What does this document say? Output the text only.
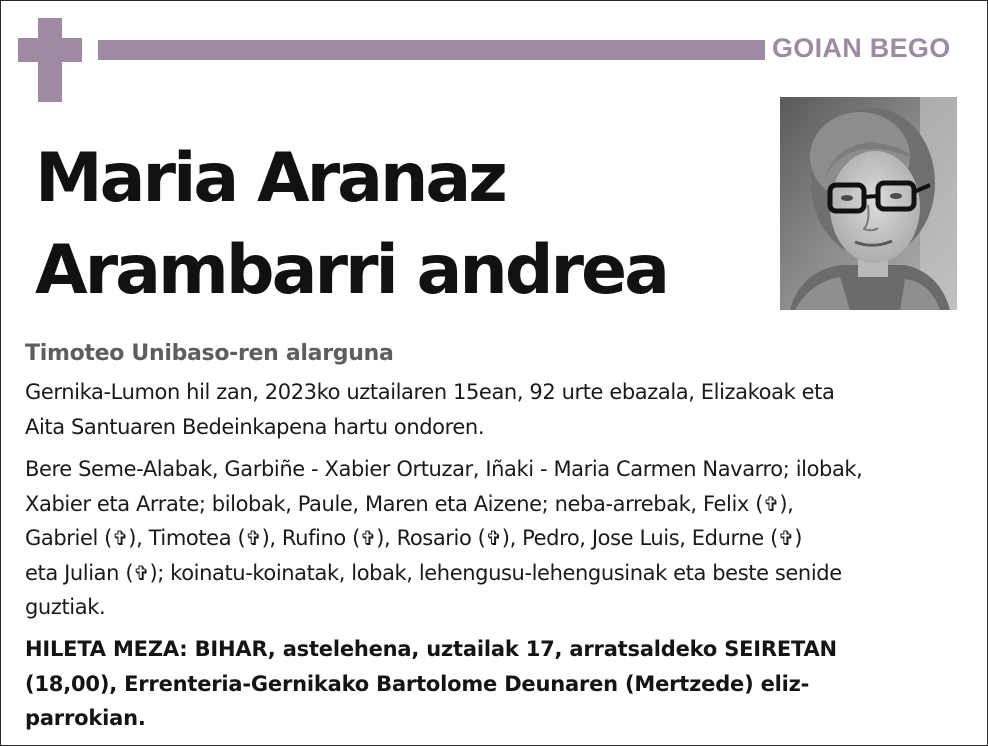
GOIAN BEGO
Maria Aranaz
Arambarri andrea
Timoteo Unibaso-ren alarguna

Gernika-Lumon hil zan, 2023ko uztailaren 15ean, 92 urte ebazala, Elizakoak eta
Aita Santuaren Bedeinkapena hartu ondoren.

Bere Seme-Alabak, Garbiñe - Xabier Ortuzar, Iñaki - Maria Carmen Navarro; ilobak,
Xabier eta Arrate; bilobak, Paule, Maren eta Aizene; neba-arrebak, Felix (✞),
Gabriel (✞), Timotea (✞), Rufino (✞), Rosario (✞), Pedro, Jose Luis, Edurne (✞)
eta Julian (✞); koinatu-koinatak, lobak, lehengusu-lehengusinak eta beste senide
guztiak.

HILETA MEZA: BIHAR, astelehena, uztailak 17, arratsaldeko SEIRETAN
(18,00), Errenteria-Gernikako Bartolome Deunaren (Mertzede) eliz-
parrokian.
